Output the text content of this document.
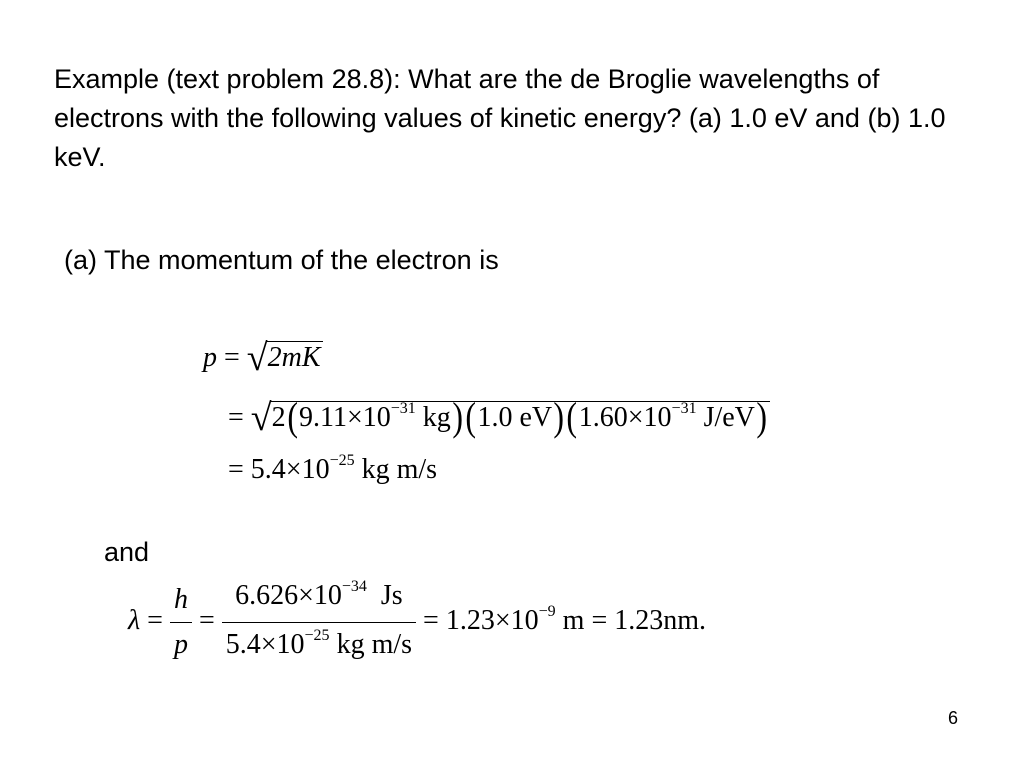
Example (text problem 28.8): What are the de Broglie wavelengths of electrons with the following values of kinetic energy? (a) 1.0 eV and (b) 1.0 keV.
(a) The momentum of the electron is
p = √2mK
= $√2(9.11\times 10^{-31}$ kg)(1.0 $eV)(1.60\times 10^{-31}$ J/eV)
= $5.4\times 10^{-25}$ kg m/s
and
$\lambda = \frac{h}{p} = \frac{6.626\times 10^{-34} Js}{5.4\times 10^{-25} kg m/s} = 1.23\times 10^{-9}$ m = 1.23nm.
6
